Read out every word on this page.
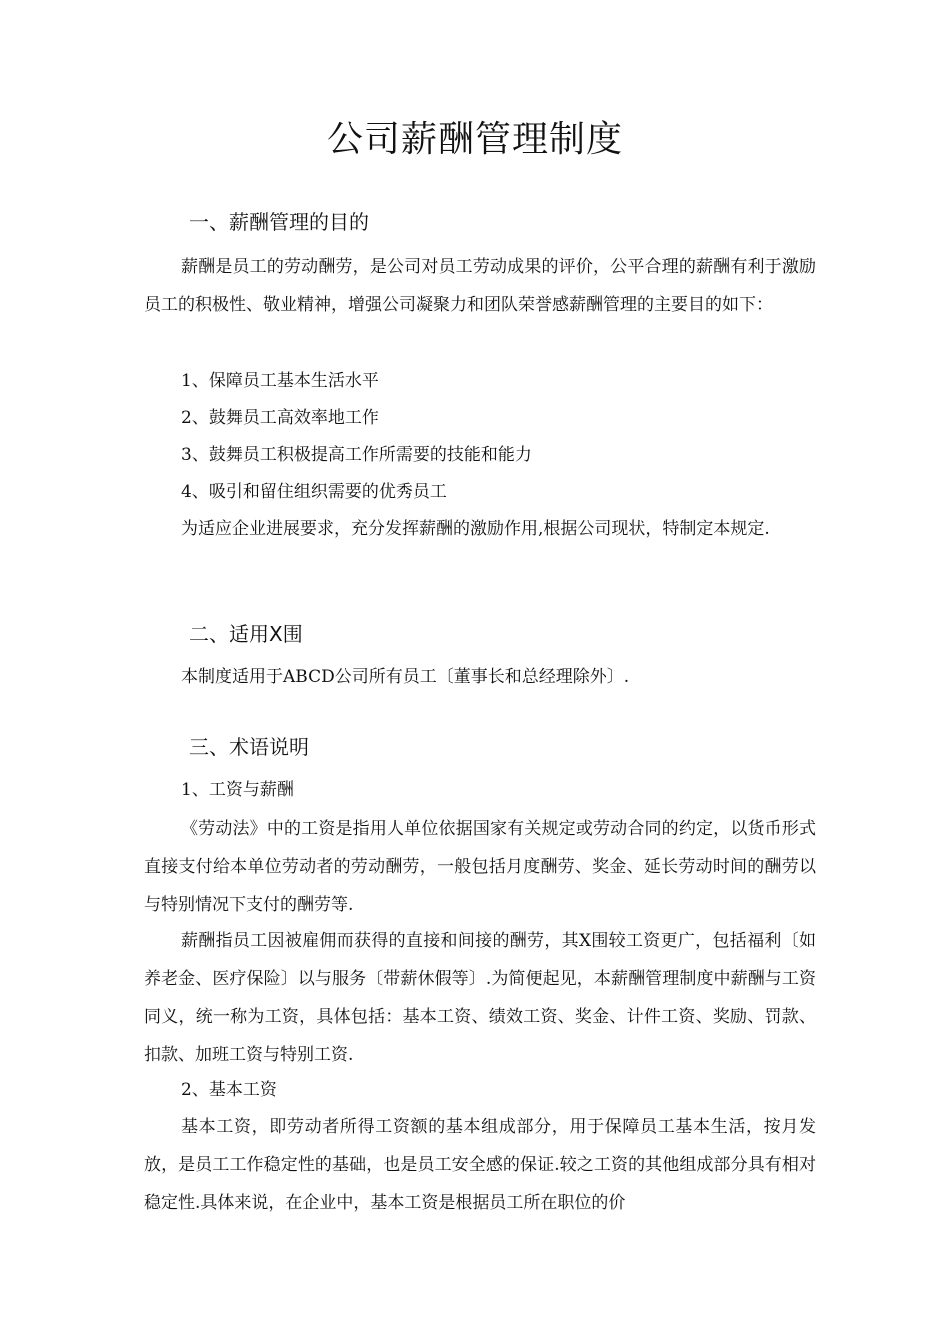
公司薪酬管理制度
一、薪酬管理的目的

薪酬是员工的劳动酬劳，是公司对员工劳动成果的评价，公平合理的薪酬有利于激励员工的积极性、敬业精神，增强公司凝聚力和团队荣誉感薪酬管理的主要目的如下：

1、保障员工基本生活水平
2、鼓舞员工高效率地工作
3、鼓舞员工积极提高工作所需要的技能和能力
4、吸引和留住组织需要的优秀员工

为适应企业进展要求，充分发挥薪酬的激励作用,根据公司现状，特制定本规定.

二、适用X围

本制度适用于ABCD公司所有员工〔董事长和总经理除外〕.

三、术语说明
1、工资与薪酬

《劳动法》中的工资是指用人单位依据国家有关规定或劳动合同的约定，以货币形式直接支付给本单位劳动者的劳动酬劳，一般包括月度酬劳、奖金、延长劳动时间的酬劳以与特别情况下支付的酬劳等.

薪酬指员工因被雇佣而获得的直接和间接的酬劳，其X围较工资更广，包括福利〔如养老金、医疗保险〕以与服务〔带薪休假等〕.为简便起见，本薪酬管理制度中薪酬与工资同义，统一称为工资，具体包括：基本工资、绩效工资、奖金、计件工资、奖励、罚款、扣款、加班工资与特别工资.

2、基本工资

基本工资，即劳动者所得工资额的基本组成部分，用于保障员工基本生活，按月发放，是员工工作稳定性的基础，也是员工安全感的保证.较之工资的其他组成部分具有相对稳定性.具体来说，在企业中，基本工资是根据员工所在职位的价
